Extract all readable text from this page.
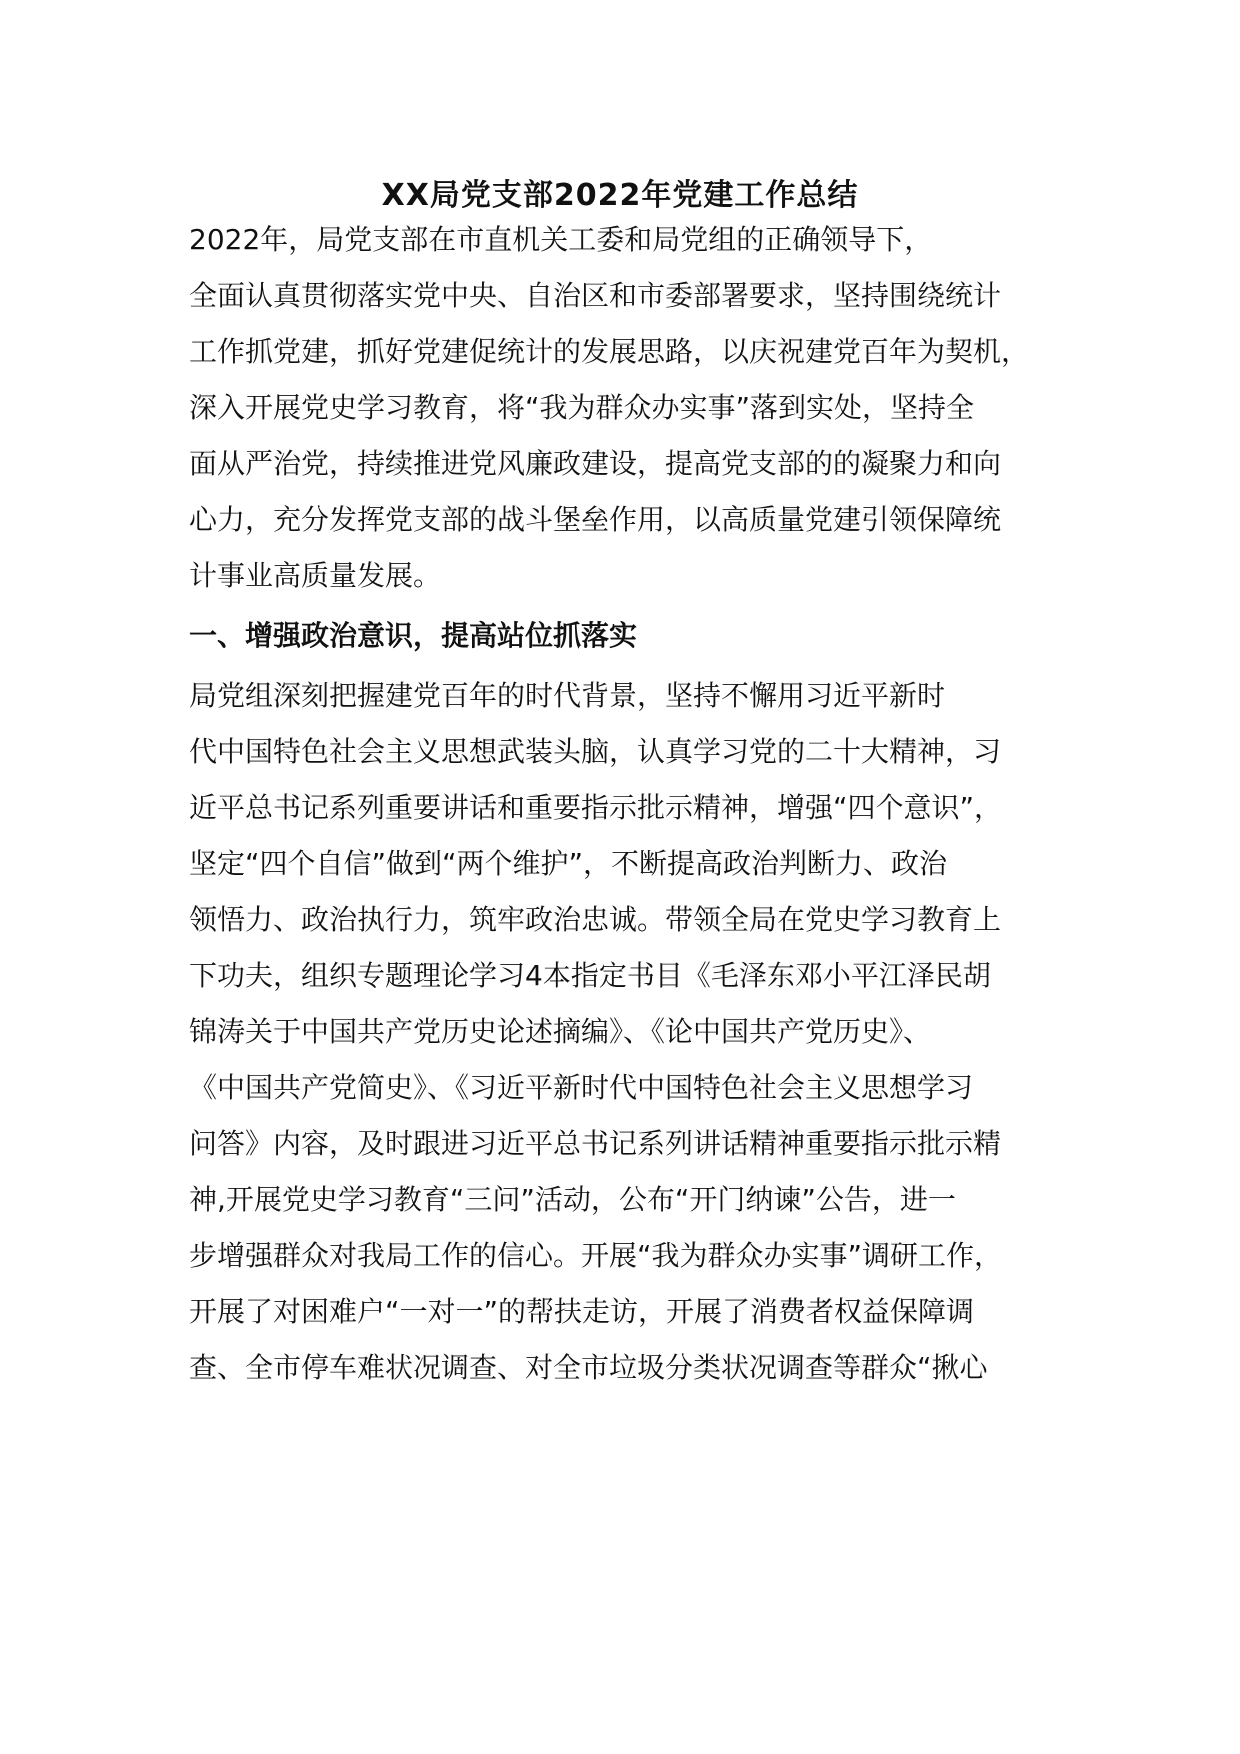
XX局党支部2022年党建工作总结
2022年，局党支部在市直机关工委和局党组的正确领导下，
全面认真贯彻落实党中央、自治区和市委部署要求，坚持围绕统计
工作抓党建，抓好党建促统计的发展思路，以庆祝建党百年为契机，
深入开展党史学习教育，将“我为群众办实事”落到实处，坚持全
面从严治党，持续推进党风廉政建设，提高党支部的的凝聚力和向
心力，充分发挥党支部的战斗堡垒作用，以高质量党建引领保障统
计事业高质量发展。
一、增强政治意识，提高站位抓落实
局党组深刻把握建党百年的时代背景，坚持不懈用习近平新时
代中国特色社会主义思想武装头脑，认真学习党的二十大精神，习
近平总书记系列重要讲话和重要指示批示精神，增强“四个意识”，
坚定“四个自信”做到“两个维护”，不断提高政治判断力、政治
领悟力、政治执行力，筑牢政治忠诚。带领全局在党史学习教育上
下功夫，组织专题理论学习4本指定书目《毛泽东邓小平江泽民胡
锦涛关于中国共产党历史论述摘编》、《论中国共产党历史》、
《中国共产党简史》、《习近平新时代中国特色社会主义思想学习
问答》内容，及时跟进习近平总书记系列讲话精神重要指示批示精
神,开展党史学习教育“三问”活动，公布“开门纳谏”公告，进一
步增强群众对我局工作的信心。开展“我为群众办实事”调研工作，
开展了对困难户“一对一”的帮扶走访，开展了消费者权益保障调
查、全市停车难状况调查、对全市垃圾分类状况调查等群众“揪心
